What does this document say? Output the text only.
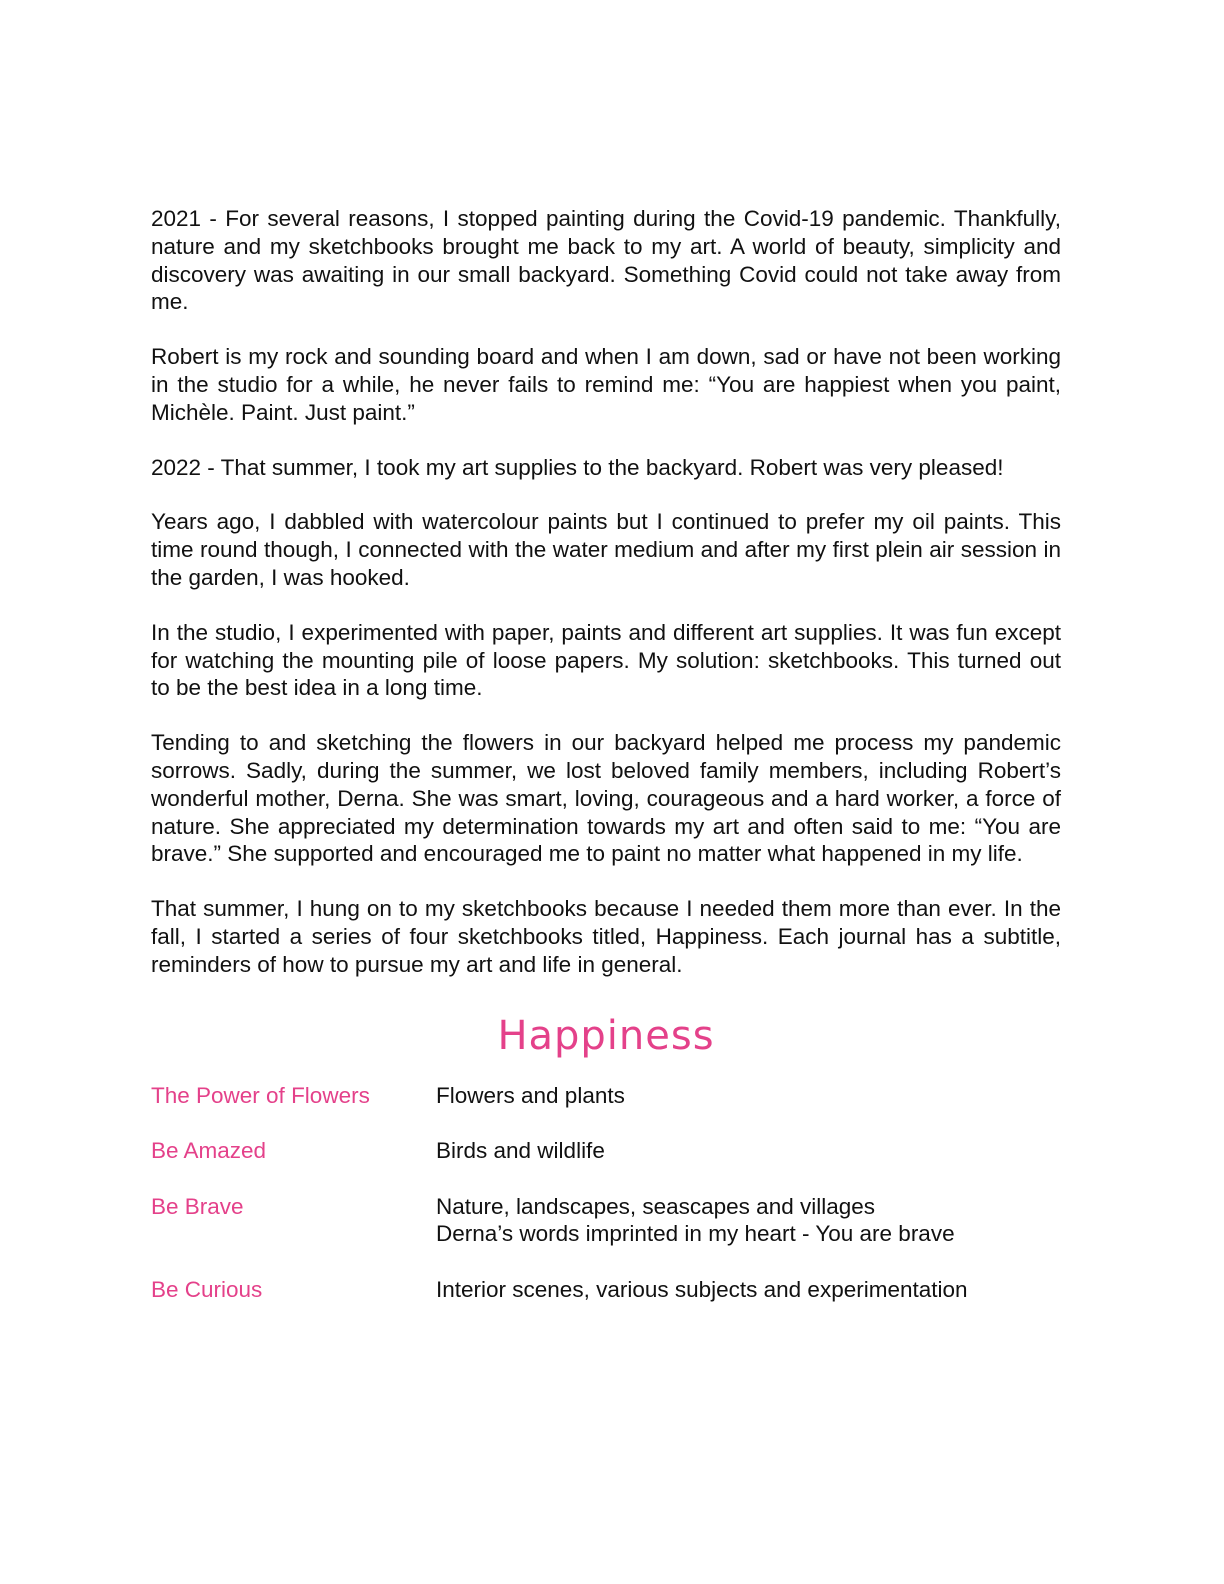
2021 - For several reasons, I stopped painting during the Covid-19 pandemic. Thankfully, nature and my sketchbooks brought me back to my art. A world of beauty, simplicity and discovery was awaiting in our small backyard. Something Covid could not take away from me.

Robert is my rock and sounding board and when I am down, sad or have not been working in the studio for a while, he never fails to remind me: “You are happiest when you paint, Michèle. Paint. Just paint.”

2022 - That summer, I took my art supplies to the backyard. Robert was very pleased!

Years ago, I dabbled with watercolour paints but I continued to prefer my oil paints. This time round though, I connected with the water medium and after my first plein air session in the garden, I was hooked.

In the studio, I experimented with paper, paints and different art supplies. It was fun except for watching the mounting pile of loose papers. My solution: sketchbooks. This turned out to be the best idea in a long time.

Tending to and sketching the flowers in our backyard helped me process my pandemic sorrows. Sadly, during the summer, we lost beloved family members, including Robert’s wonderful mother, Derna. She was smart, loving, courageous and a hard worker, a force of nature. She appreciated my determination towards my art and often said to me: “You are brave.” She supported and encouraged me to paint no matter what happened in my life.

That summer, I hung on to my sketchbooks because I needed them more than ever. In the fall, I started a series of four sketchbooks titled, Happiness. Each journal has a subtitle, reminders of how to pursue my art and life in general.

Happiness
The Power of Flowers	Flowers and plants
Be Amazed	Birds and wildlife
Be Brave	Nature, landscapes, seascapes and villages
Derna’s words imprinted in my heart - You are brave
Be Curious	Interior scenes, various subjects and experimentation
